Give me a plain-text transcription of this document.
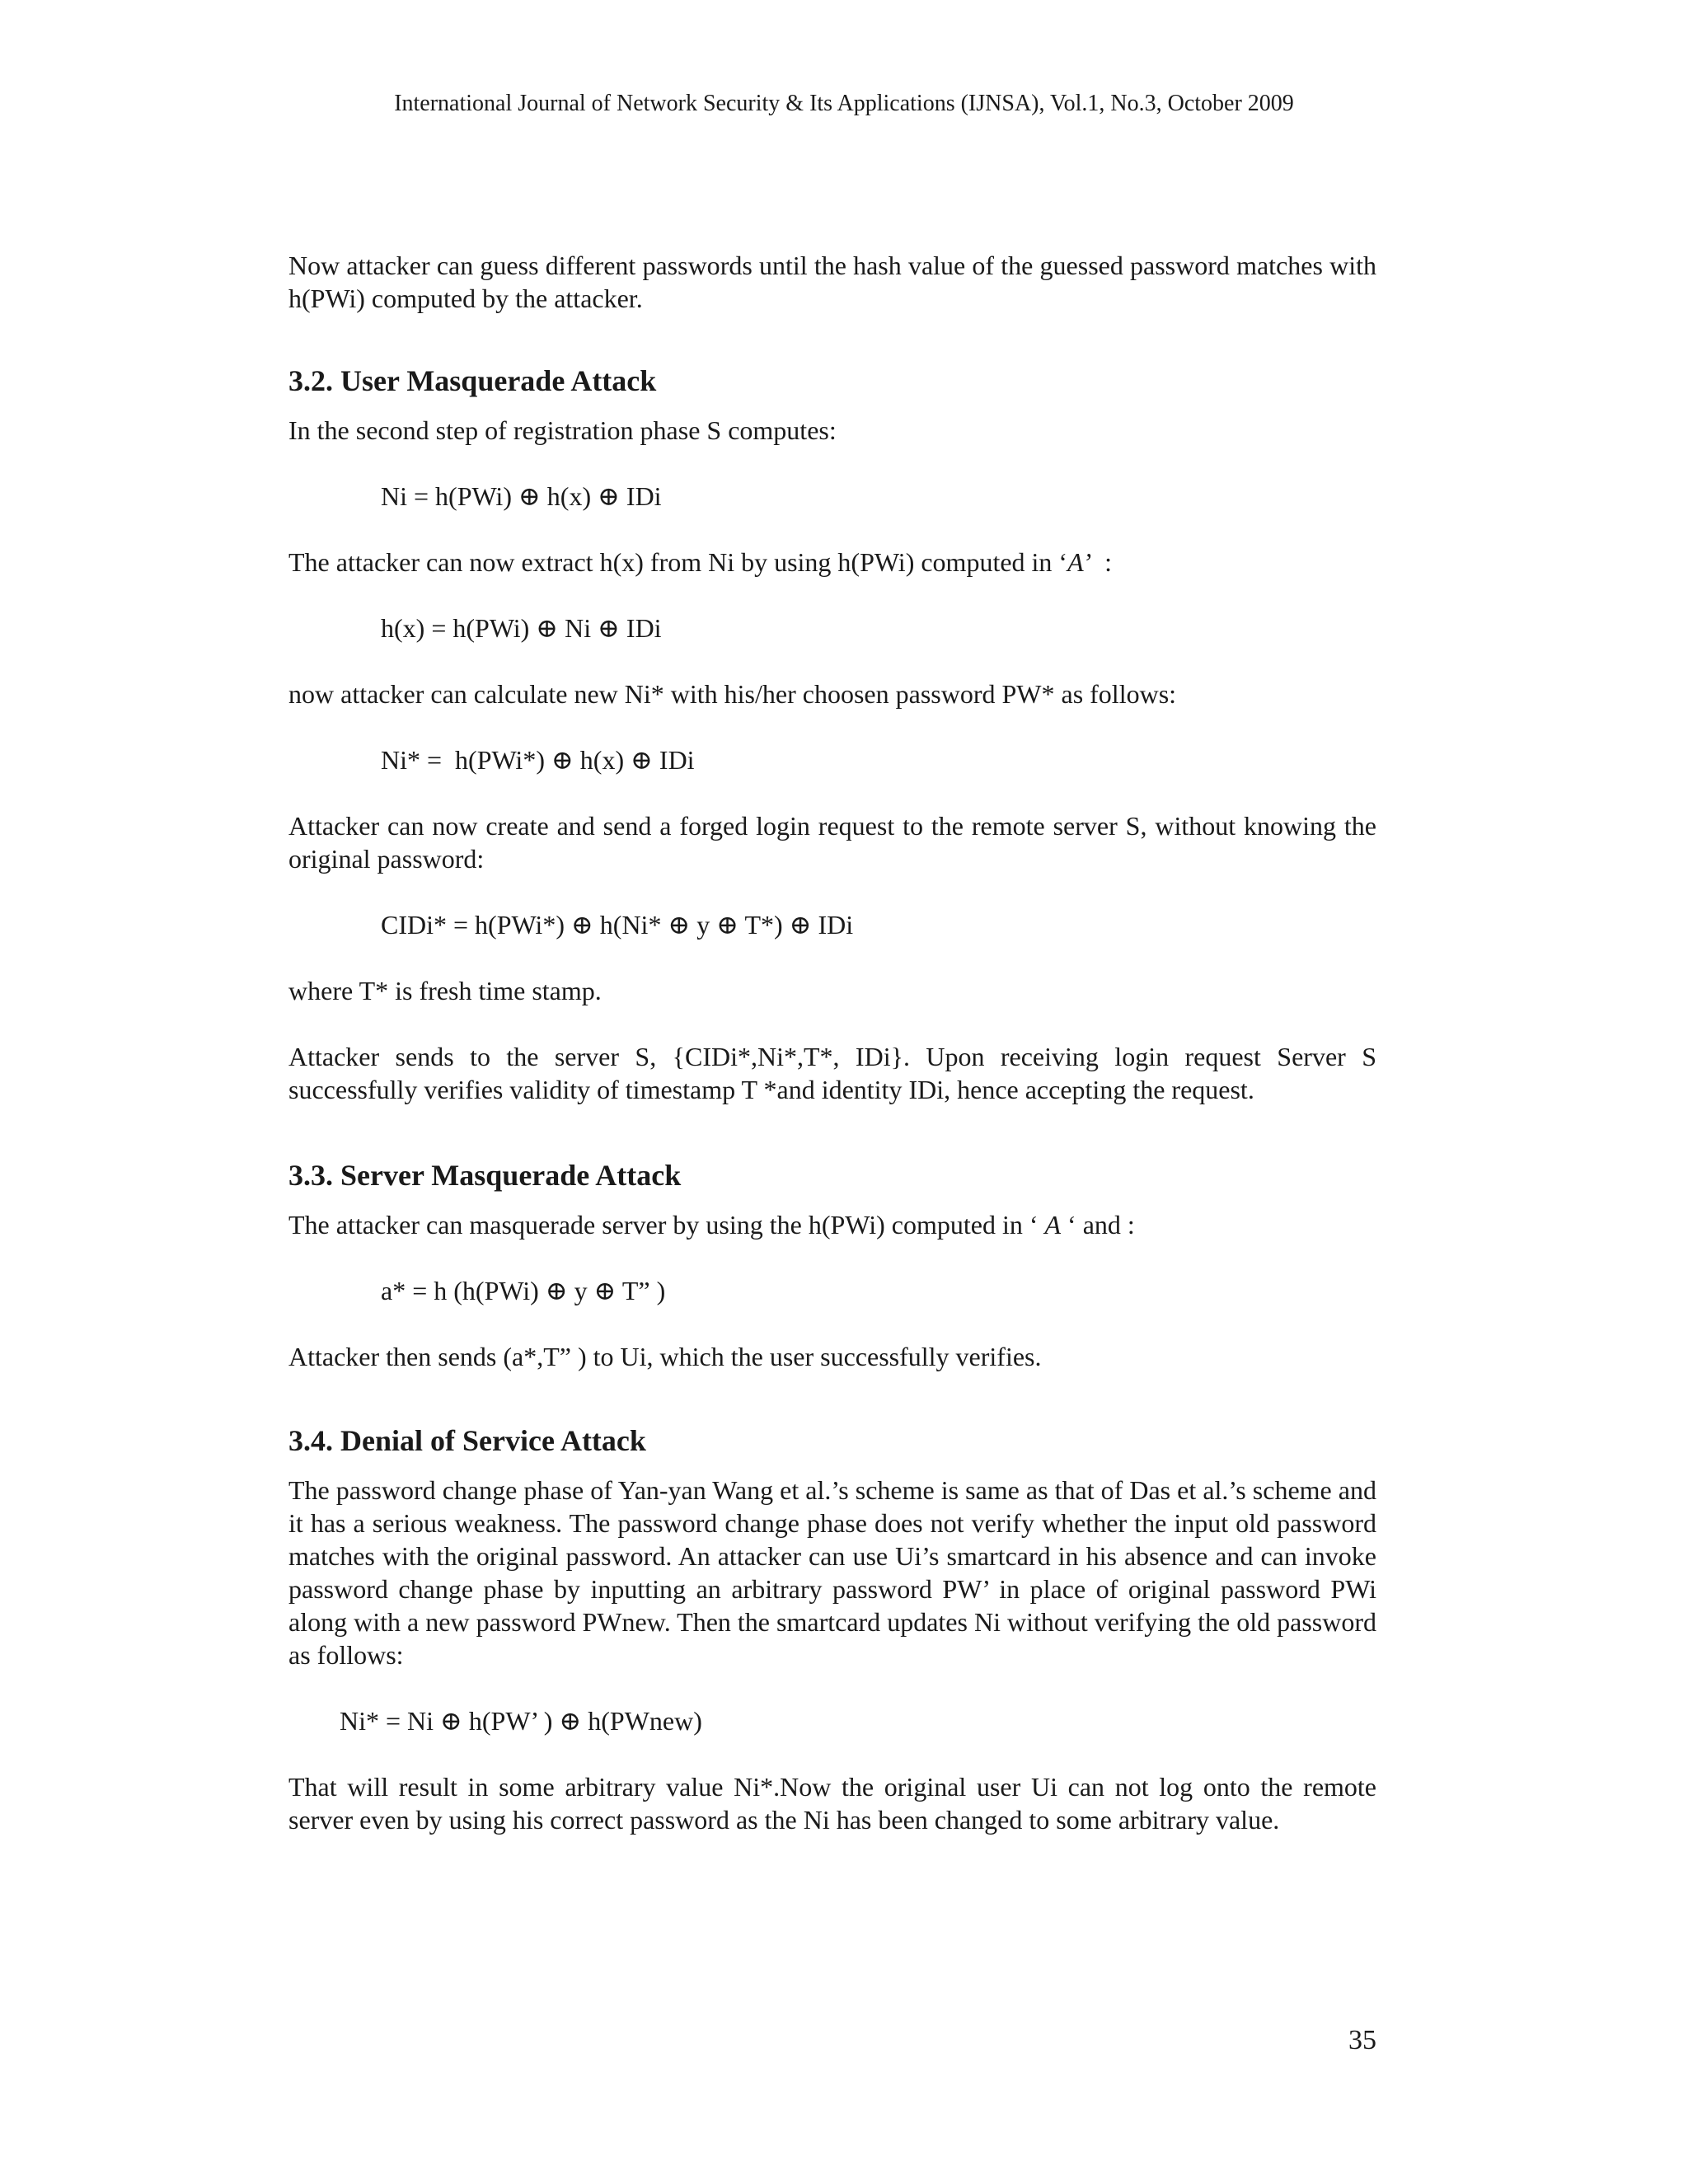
International Journal of Network Security & Its Applications (IJNSA), Vol.1, No.3, October 2009

Now attacker can guess different passwords until the hash value of the guessed password matches with h(PWi) computed by the attacker.

3.2. User Masquerade Attack

In the second step of registration phase S computes:

Ni = h(PWi) ⊕ h(x) ⊕ IDi

The attacker can now extract h(x) from Ni by using h(PWi) computed in ‘A’  :

h(x) = h(PWi) ⊕ Ni ⊕ IDi

now attacker can calculate new Ni* with his/her choosen password PW* as follows:

Ni* =  h(PWi*) ⊕ h(x) ⊕ IDi

Attacker can now create and send a forged login request to the remote server S, without knowing the original password:

CIDi* = h(PWi*) ⊕ h(Ni* ⊕ y ⊕ T*) ⊕ IDi

where T* is fresh time stamp.

Attacker sends to the server S, {CIDi*,Ni*,T*, IDi}. Upon receiving login request Server S successfully verifies validity of timestamp T *and identity IDi, hence accepting the request.

3.3. Server Masquerade Attack

The attacker can masquerade server by using the h(PWi) computed in ‘ A ‘ and :

a* = h (h(PWi) ⊕ y ⊕ T” )

Attacker then sends (a*,T” ) to Ui, which the user successfully verifies.

3.4. Denial of Service Attack

The password change phase of Yan-yan Wang et al.’s scheme is same as that of Das et al.’s scheme and it has a serious weakness. The password change phase does not verify whether the input old password matches with the original password. An attacker can use Ui’s smartcard in his absence and can invoke password change phase by inputting an arbitrary password PW’ in place of original password PWi along with a new password PWnew. Then the smartcard updates Ni without verifying the old password as follows:

Ni* = Ni ⊕ h(PW’ ) ⊕ h(PWnew)

That will result in some arbitrary value Ni*.Now the original user Ui can not log onto the remote server even by using his correct password as the Ni has been changed to some arbitrary value.

35
